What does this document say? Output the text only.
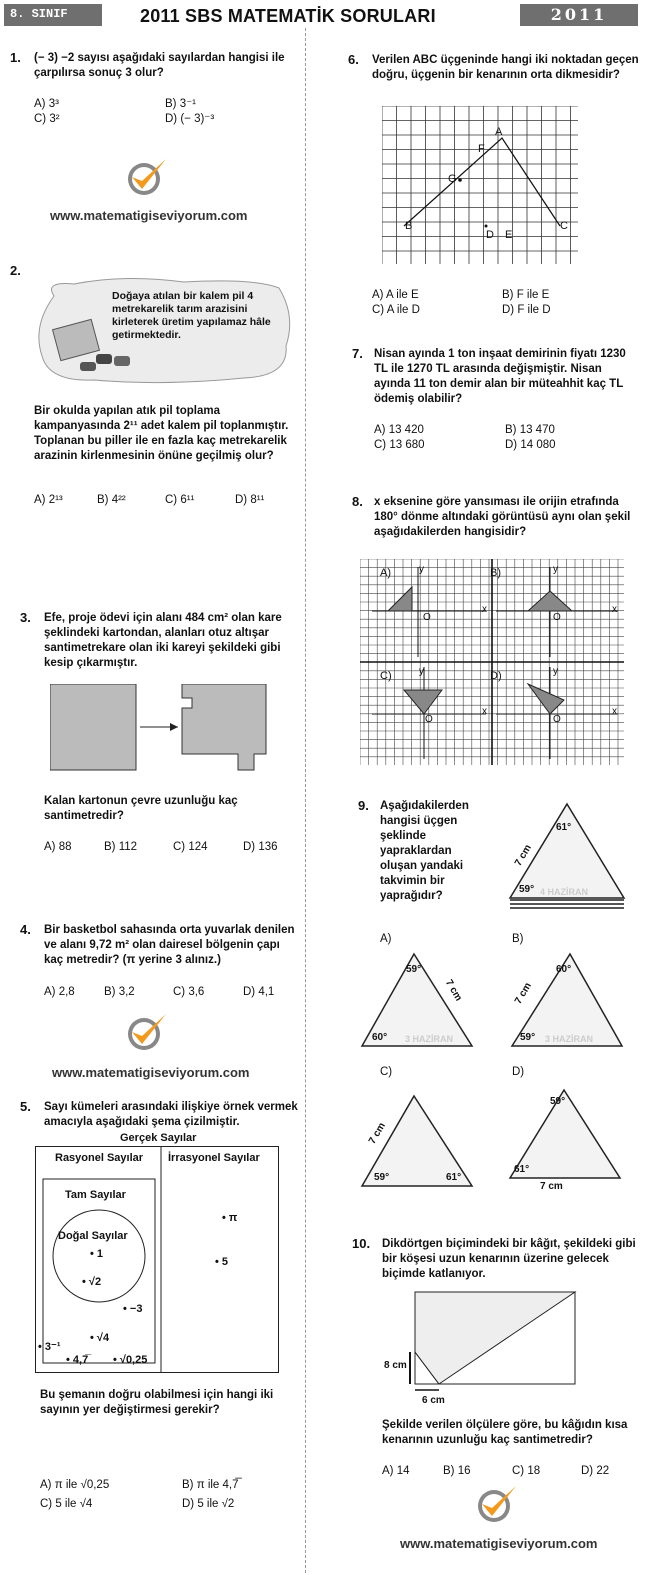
8. SINIF	2011 SBS MATEMATİK SORULARI	2011
1. (− 3) −2 sayısı aşağıdaki sayılardan hangisi ile çarpılırsa sonuç 3 olur?
A) 3³	B) 3⁻¹
C) 3²	D) (− 3)⁻³
www.matematigiseviyorum.com
2.
Doğaya atılan bir kalem pil 4 metrekarelik tarım arazisini kirleterek üretim yapılamaz hâle getirmektedir.
Bir okulda yapılan atık pil toplama kampanyasında 2¹¹ adet kalem pil toplanmıştır. Toplanan bu piller ile en fazla kaç metrekarelik arazinin kirlenmesinin önüne geçilmiş olur?
A) 2¹³	B) 4²²	C) 6¹¹	D) 8¹¹
3. Efe, proje ödevi için alanı 484 cm² olan kare şeklindeki kartondan, alanları otuz altışar santimetrekare olan iki kareyi şekildeki gibi kesip çıkarmıştır.
Kalan kartonun çevre uzunluğu kaç santimetredir?
A) 88	B) 112	C) 124	D) 136
4. Bir basketbol sahasında orta yuvarlak denilen ve alanı 9,72 m² olan dairesel bölgenin çapı kaç metredir? (π yerine 3 alınız.)
A) 2,8	B) 3,2	C) 3,6	D) 4,1
www.matematigiseviyorum.com
5. Sayı kümeleri arasındaki ilişkiye örnek vermek amacıyla aşağıdaki şema çizilmiştir.
Gerçek Sayılar
Rasyonel Sayılar İrrasyonel Sayılar
Tam Sayılar
Doğal Sayılar
• 1
• √2
• −3
• 3⁻¹
• √4
• 4,7̅ • √0,25
• π
• 5
Bu şemanın doğru olabilmesi için hangi iki sayının yer değiştirmesi gerekir?
A) π ile √0,25	B) π ile 4,7̅
C) 5 ile √4	D) 5 ile √2
6. Verilen ABC üçgeninde hangi iki noktadan geçen doğru, üçgenin bir kenarının orta dikmesidir?
A
F
G
B
D E
C
A) A ile E	B) F ile E
C) A ile D	D) F ile D
7. Nisan ayında 1 ton inşaat demirinin fiyatı 1230 TL ile 1270 TL arasında değişmiştir. Nisan ayında 11 ton demir alan bir müteahhit kaç TL ödemiş olabilir?
A) 13 420	B) 13 470
C) 13 680	D) 14 080
8. x eksenine göre yansıması ile orijin etrafında 180° dönme altındaki görüntüsü aynı olan şekil aşağıdakilerden hangisidir?
A)	B)
C)	D)
y
x
O
y
x
O
y
x
O
y
x
O
9. Aşağıdakilerden hangisi üçgen şeklinde yapraklardan oluşan yandaki takvimin bir yaprağıdır?
61°
59°
7 cm
4 HAZİRAN
A)	B)
59°
60°
7 cm
3 HAZİRAN
60°
59°
7 cm
3 HAZİRAN
C)	D)
59°	61°
7 cm
59°
61°
7 cm
10. Dikdörtgen biçimindeki bir kâğıt, şekildeki gibi bir köşesi uzun kenarının üzerine gelecek biçimde katlanıyor.
8 cm
6 cm
Şekilde verilen ölçülere göre, bu kâğıdın kısa kenarının uzunluğu kaç santimetredir?
A) 14	B) 16	C) 18	D) 22
www.matematigiseviyorum.com
